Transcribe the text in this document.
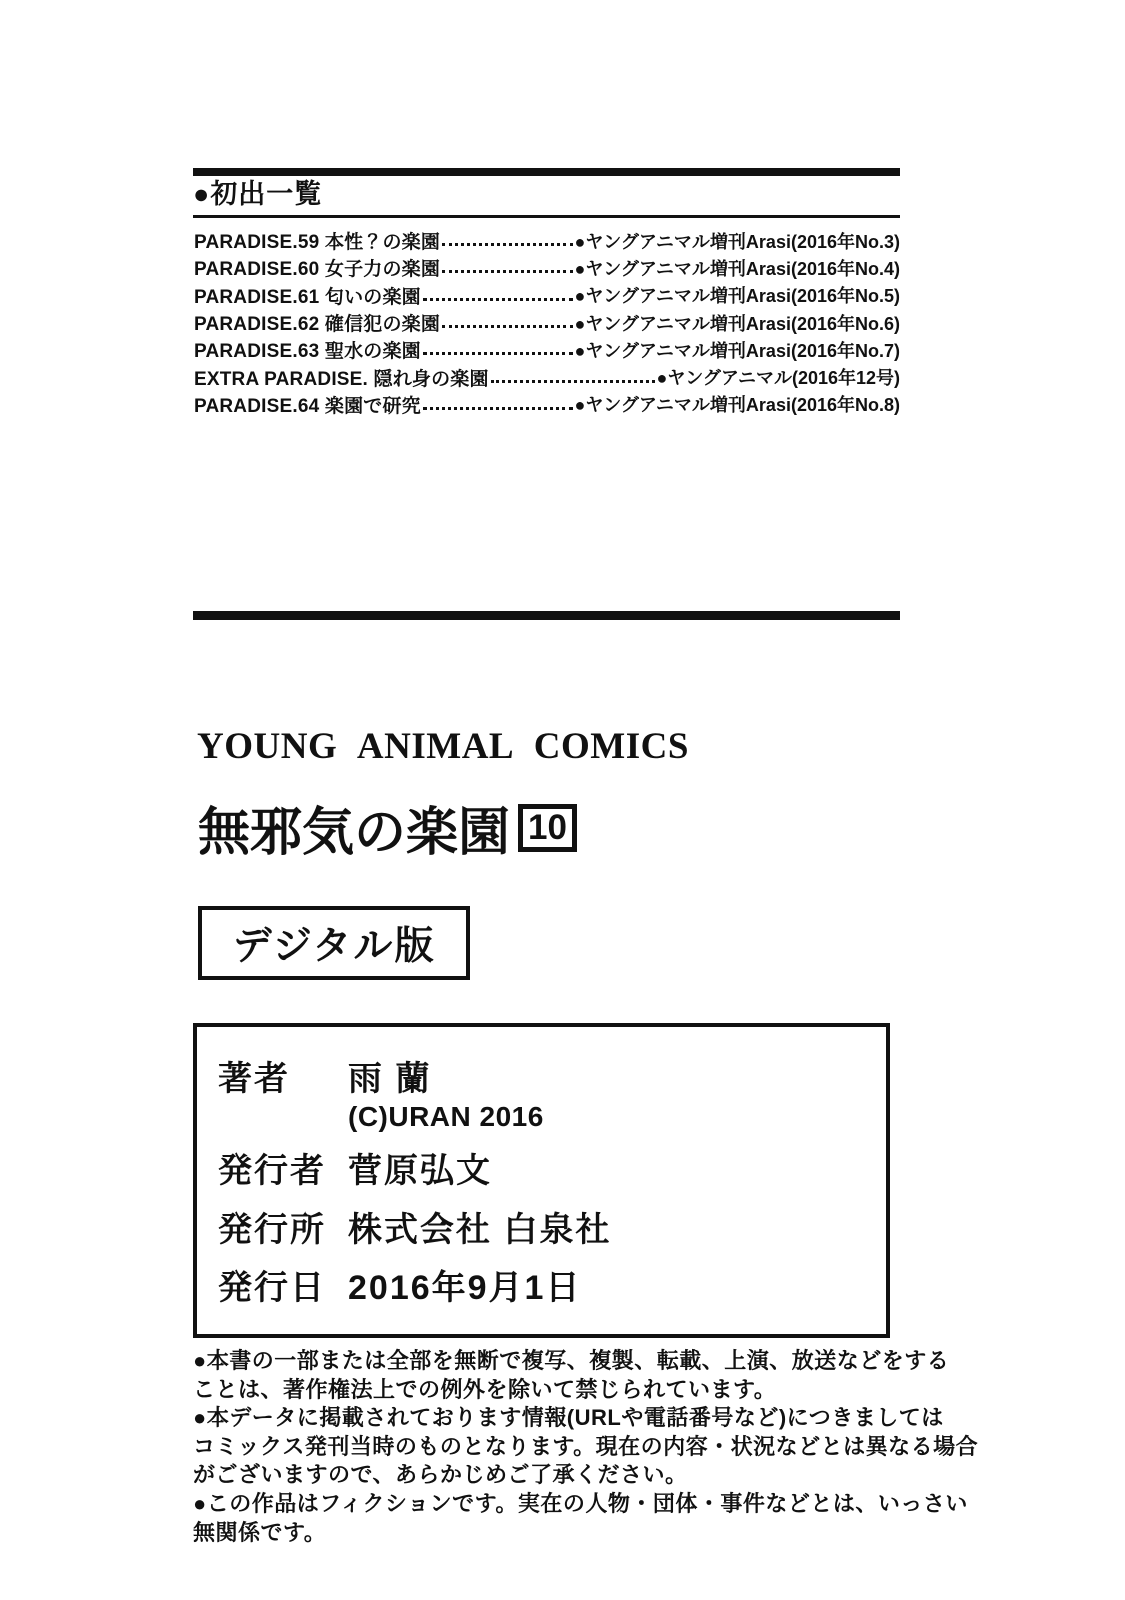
●初出一覧
PARADISE.59 本性？の楽園	●ヤングアニマル増刊Arasi(2016年No.3)
PARADISE.60 女子力の楽園	●ヤングアニマル増刊Arasi(2016年No.4)
PARADISE.61 匂いの楽園	●ヤングアニマル増刊Arasi(2016年No.5)
PARADISE.62 確信犯の楽園	●ヤングアニマル増刊Arasi(2016年No.6)
PARADISE.63 聖水の楽園	●ヤングアニマル増刊Arasi(2016年No.7)
EXTRA PARADISE. 隠れ身の楽園	●ヤングアニマル(2016年12号)
PARADISE.64 楽園で研究	●ヤングアニマル増刊Arasi(2016年No.8)
YOUNG ANIMAL COMICS
無邪気の楽園 10
デジタル版
著者	雨 蘭
(C)URAN 2016
発行者 菅原弘文
発行所 株式会社 白泉社
発行日 2016年9月1日
●本書の一部または全部を無断で複写、複製、転載、上演、放送などをする
ことは、著作権法上での例外を除いて禁じられています。
●本データに掲載されております情報(URLや電話番号など)につきましては
コミックス発刊当時のものとなります。現在の内容・状況などとは異なる場合
がございますので、あらかじめご了承ください。
●この作品はフィクションです。実在の人物・団体・事件などとは、いっさい
無関係です。
